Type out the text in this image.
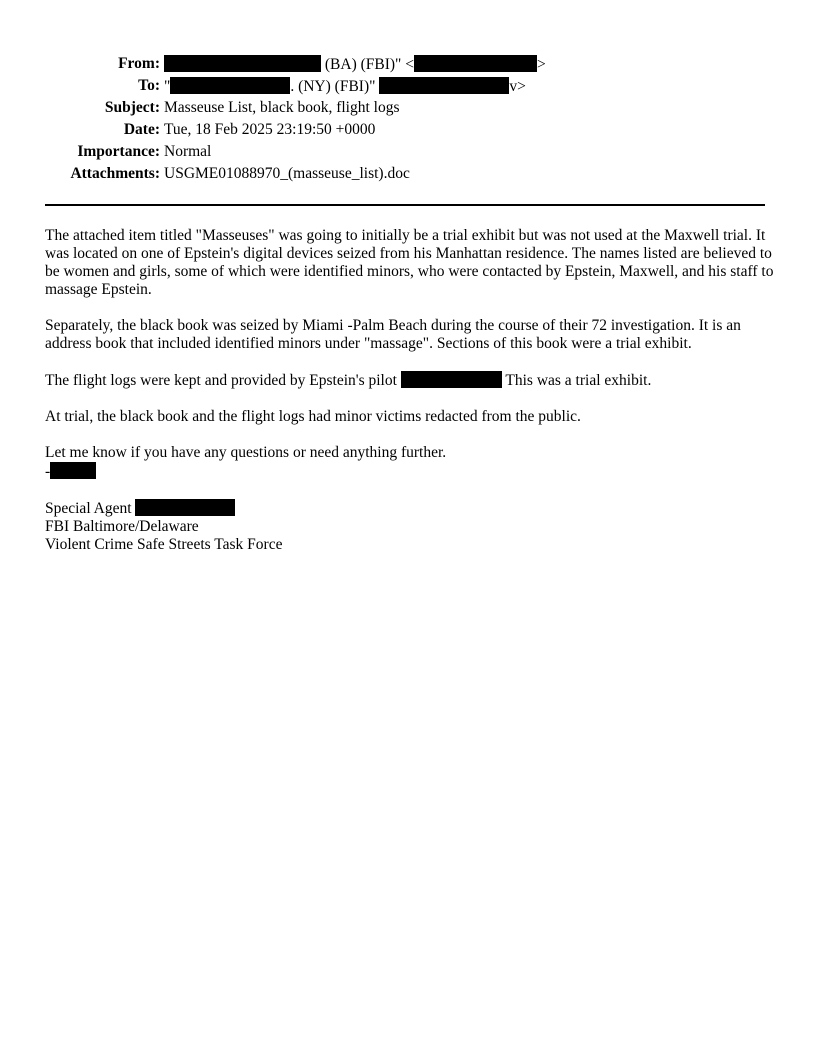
From:	(BA) (FBI)" <	>
To: "	. (NY) (FBI)"	v>
Subject: Masseuse List, black book, flight logs
Date: Tue, 18 Feb 2025 23:19:50 +0000
Importance: Normal
Attachments: USGME01088970_(masseuse_list).doc

The attached item titled "Masseuses" was going to initially be a trial exhibit but was not used at the Maxwell trial. It was located on one of Epstein's digital devices seized from his Manhattan residence. The names listed are believed to be women and girls, some of which were identified minors, who were contacted by Epstein, Maxwell, and his staff to massage Epstein.

Separately, the black book was seized by Miami -Palm Beach during the course of their 72 investigation. It is an address book that included identified minors under "massage". Sections of this book were a trial exhibit.

The flight logs were kept and provided by Epstein's pilot	This was a trial exhibit.

At trial, the black book and the flight logs had minor victims redacted from the public.

Let me know if you have any questions or need anything further.
-
Special Agent
FBI Baltimore/Delaware
Violent Crime Safe Streets Task Force
